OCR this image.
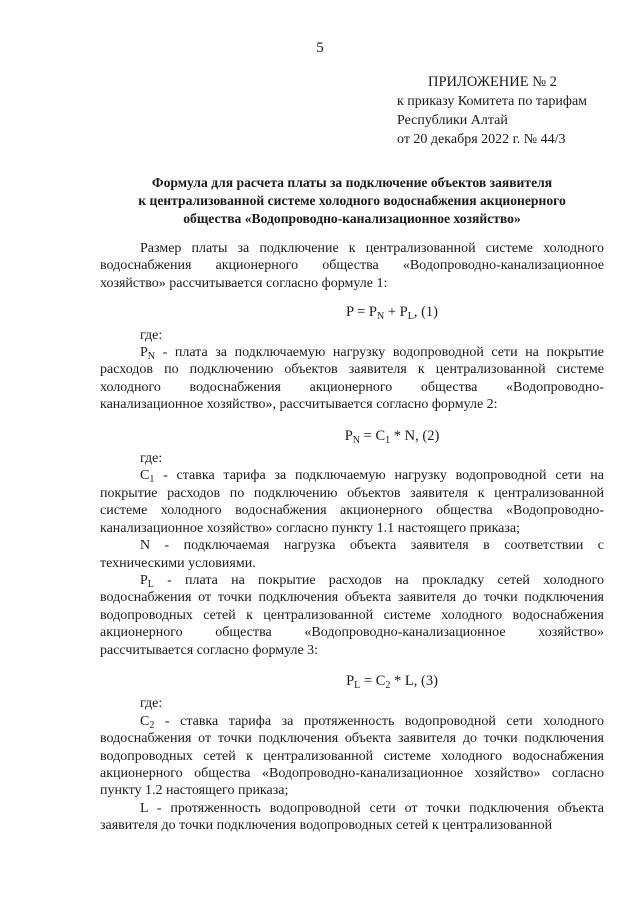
5
ПРИЛОЖЕНИЕ № 2
к приказу Комитета по тарифам
Республики Алтай
от 20 декабря 2022 г. № 44/3
Формула для расчета платы за подключение объектов заявителя
к централизованной системе холодного водоснабжения акционерного
общества «Водопроводно-канализационное хозяйство»

Размер платы за подключение к централизованной системе холодного водоснабжения акционерного общества «Водопроводно-канализационное хозяйство» рассчитывается согласно формуле 1:

$P = P_N + P_L$, (1)

где:

$P_N$ - плата за подключаемую нагрузку водопроводной сети на покрытие расходов по подключению объектов заявителя к централизованной системе холодного водоснабжения акционерного общества «Водопроводно-канализационное хозяйство», рассчитывается согласно формуле 2:

$P_N = C_1 * N$, (2)

где:

$C_1$ - ставка тарифа за подключаемую нагрузку водопроводной сети на покрытие расходов по подключению объектов заявителя к централизованной системе холодного водоснабжения акционерного общества «Водопроводно-канализационное хозяйство» согласно пункту 1.1 настоящего приказа;

N - подключаемая нагрузка объекта заявителя в соответствии с техническими условиями.

$P_L$ - плата на покрытие расходов на прокладку сетей холодного водоснабжения от точки подключения объекта заявителя до точки подключения водопроводных сетей к централизованной системе холодного водоснабжения акционерного общества «Водопроводно-канализационное хозяйство» рассчитывается согласно формуле 3:

$P_L = C_2 * L$, (3)

где:

$C_2$ - ставка тарифа за протяженность водопроводной сети холодного водоснабжения от точки подключения объекта заявителя до точки подключения водопроводных сетей к централизованной системе холодного водоснабжения акционерного общества «Водопроводно-канализационное хозяйство» согласно пункту 1.2 настоящего приказа;

L - протяженность водопроводной сети от точки подключения объекта заявителя до точки подключения водопроводных сетей к централизованной
